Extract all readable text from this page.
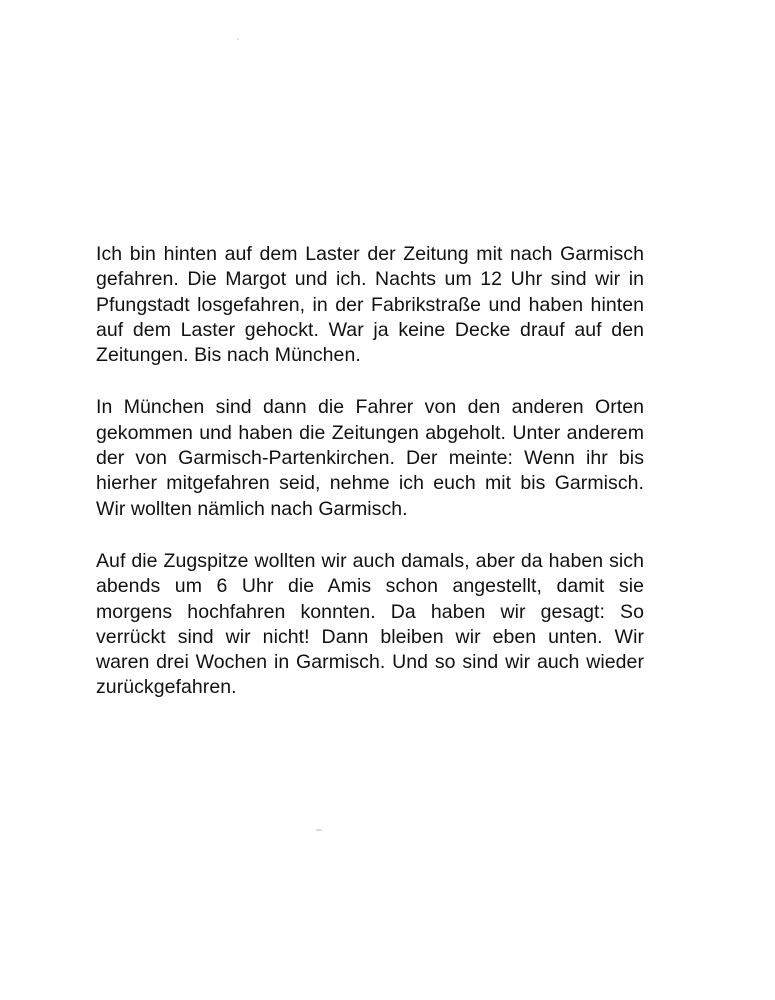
Ich bin hinten auf dem Laster der Zeitung mit nach Garmisch gefahren. Die Margot und ich. Nachts um 12 Uhr sind wir in Pfungstadt losgefahren, in der Fabrikstraße und haben hinten auf dem Laster gehockt. War ja keine Decke drauf auf den Zeitungen. Bis nach München.

In München sind dann die Fahrer von den anderen Orten gekommen und haben die Zeitungen abgeholt. Unter anderem der von Garmisch-Partenkirchen. Der meinte: Wenn ihr bis hierher mitgefahren seid, nehme ich euch mit bis Garmisch. Wir wollten nämlich nach Garmisch.

Auf die Zugspitze wollten wir auch damals, aber da haben sich abends um 6 Uhr die Amis schon angestellt, damit sie morgens hochfahren konnten. Da haben wir gesagt: So verrückt sind wir nicht! Dann bleiben wir eben unten. Wir waren drei Wochen in Garmisch. Und so sind wir auch wieder zurückgefahren.
